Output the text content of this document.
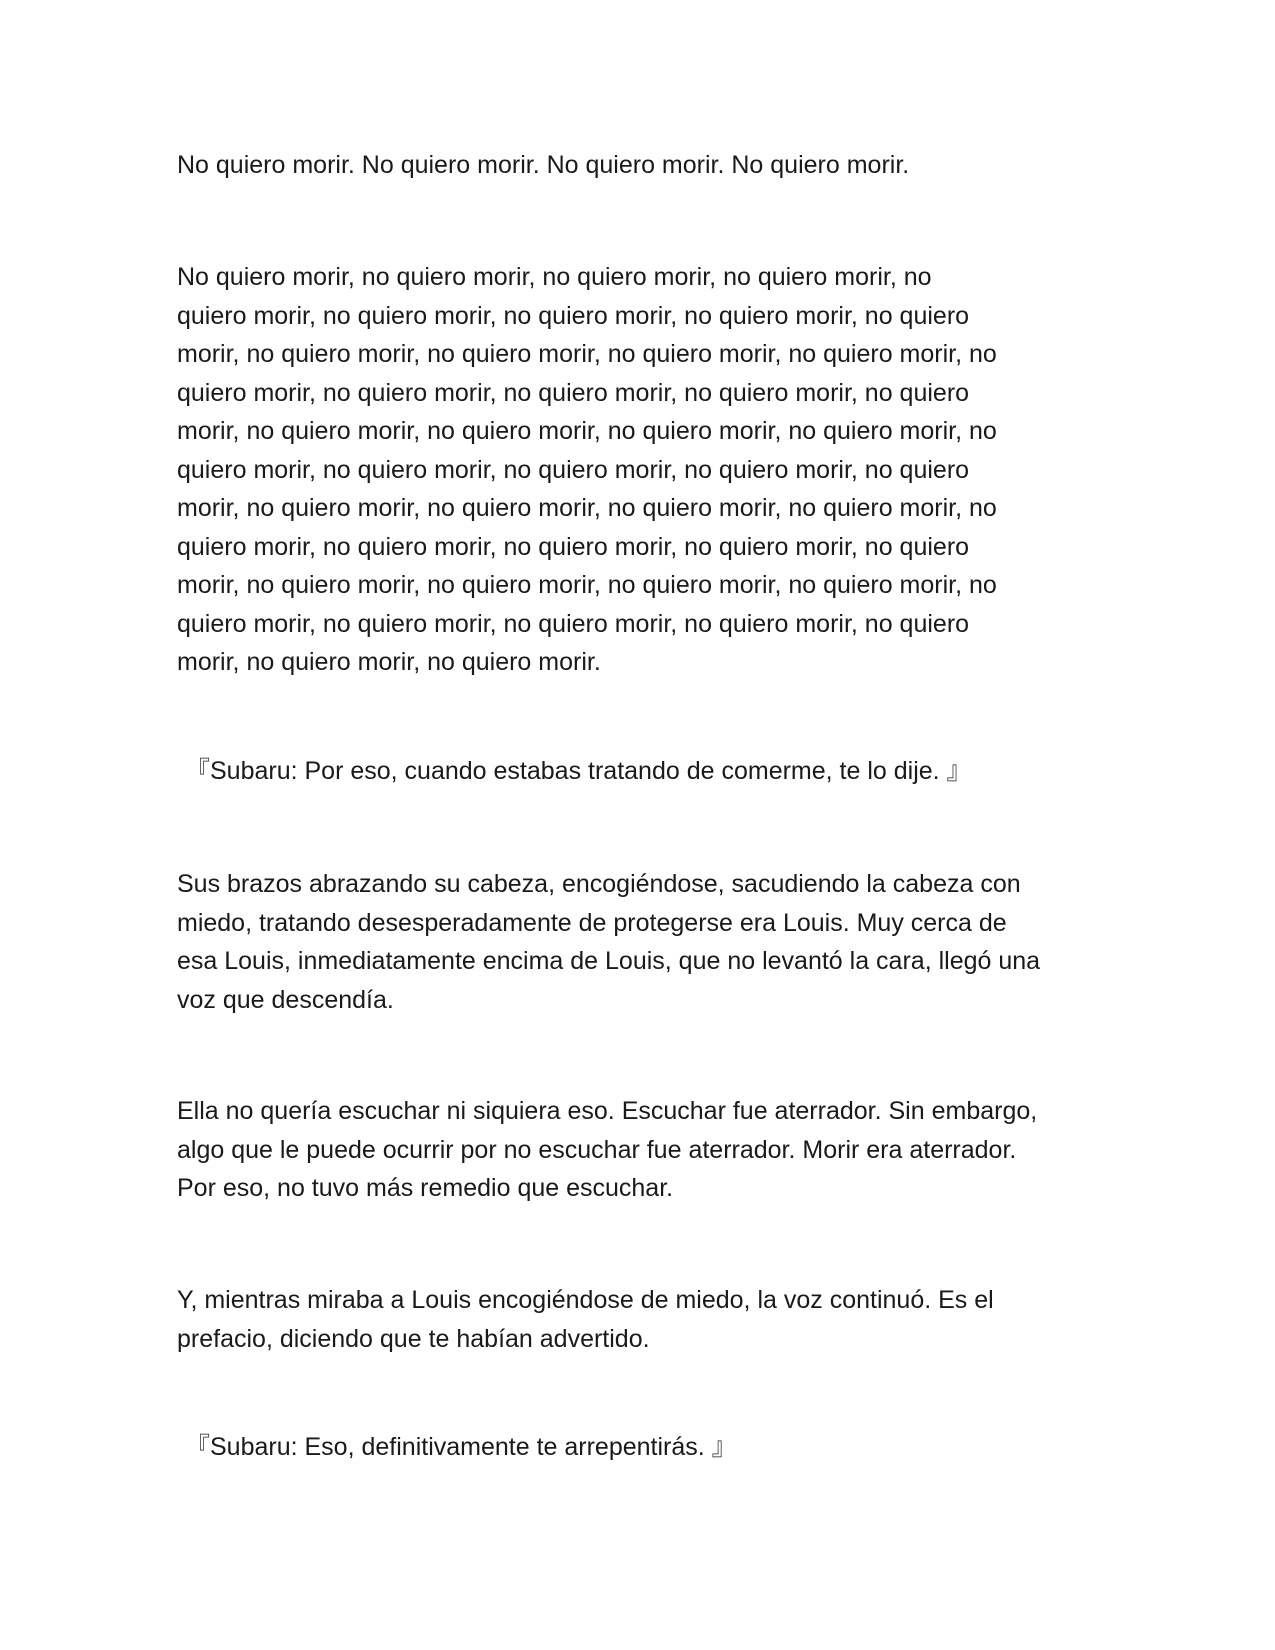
No quiero morir. No quiero morir. No quiero morir. No quiero morir.

No quiero morir, no quiero morir, no quiero morir, no quiero morir, no
quiero morir, no quiero morir, no quiero morir, no quiero morir, no quiero
morir, no quiero morir, no quiero morir, no quiero morir, no quiero morir, no
quiero morir, no quiero morir, no quiero morir, no quiero morir, no quiero
morir, no quiero morir, no quiero morir, no quiero morir, no quiero morir, no
quiero morir, no quiero morir, no quiero morir, no quiero morir, no quiero
morir, no quiero morir, no quiero morir, no quiero morir, no quiero morir, no
quiero morir, no quiero morir, no quiero morir, no quiero morir, no quiero
morir, no quiero morir, no quiero morir, no quiero morir, no quiero morir, no
quiero morir, no quiero morir, no quiero morir, no quiero morir, no quiero
morir, no quiero morir, no quiero morir.

『Subaru: Por eso, cuando estabas tratando de comerme, te lo dije. 』

Sus brazos abrazando su cabeza, encogiéndose, sacudiendo la cabeza con
miedo, tratando desesperadamente de protegerse era Louis. Muy cerca de
esa Louis, inmediatamente encima de Louis, que no levantó la cara, llegó una
voz que descendía.

Ella no quería escuchar ni siquiera eso. Escuchar fue aterrador. Sin embargo,
algo que le puede ocurrir por no escuchar fue aterrador. Morir era aterrador.
Por eso, no tuvo más remedio que escuchar.

Y, mientras miraba a Louis encogiéndose de miedo, la voz continuó. Es el
prefacio, diciendo que te habían advertido.

『Subaru: Eso, definitivamente te arrepentirás. 』
